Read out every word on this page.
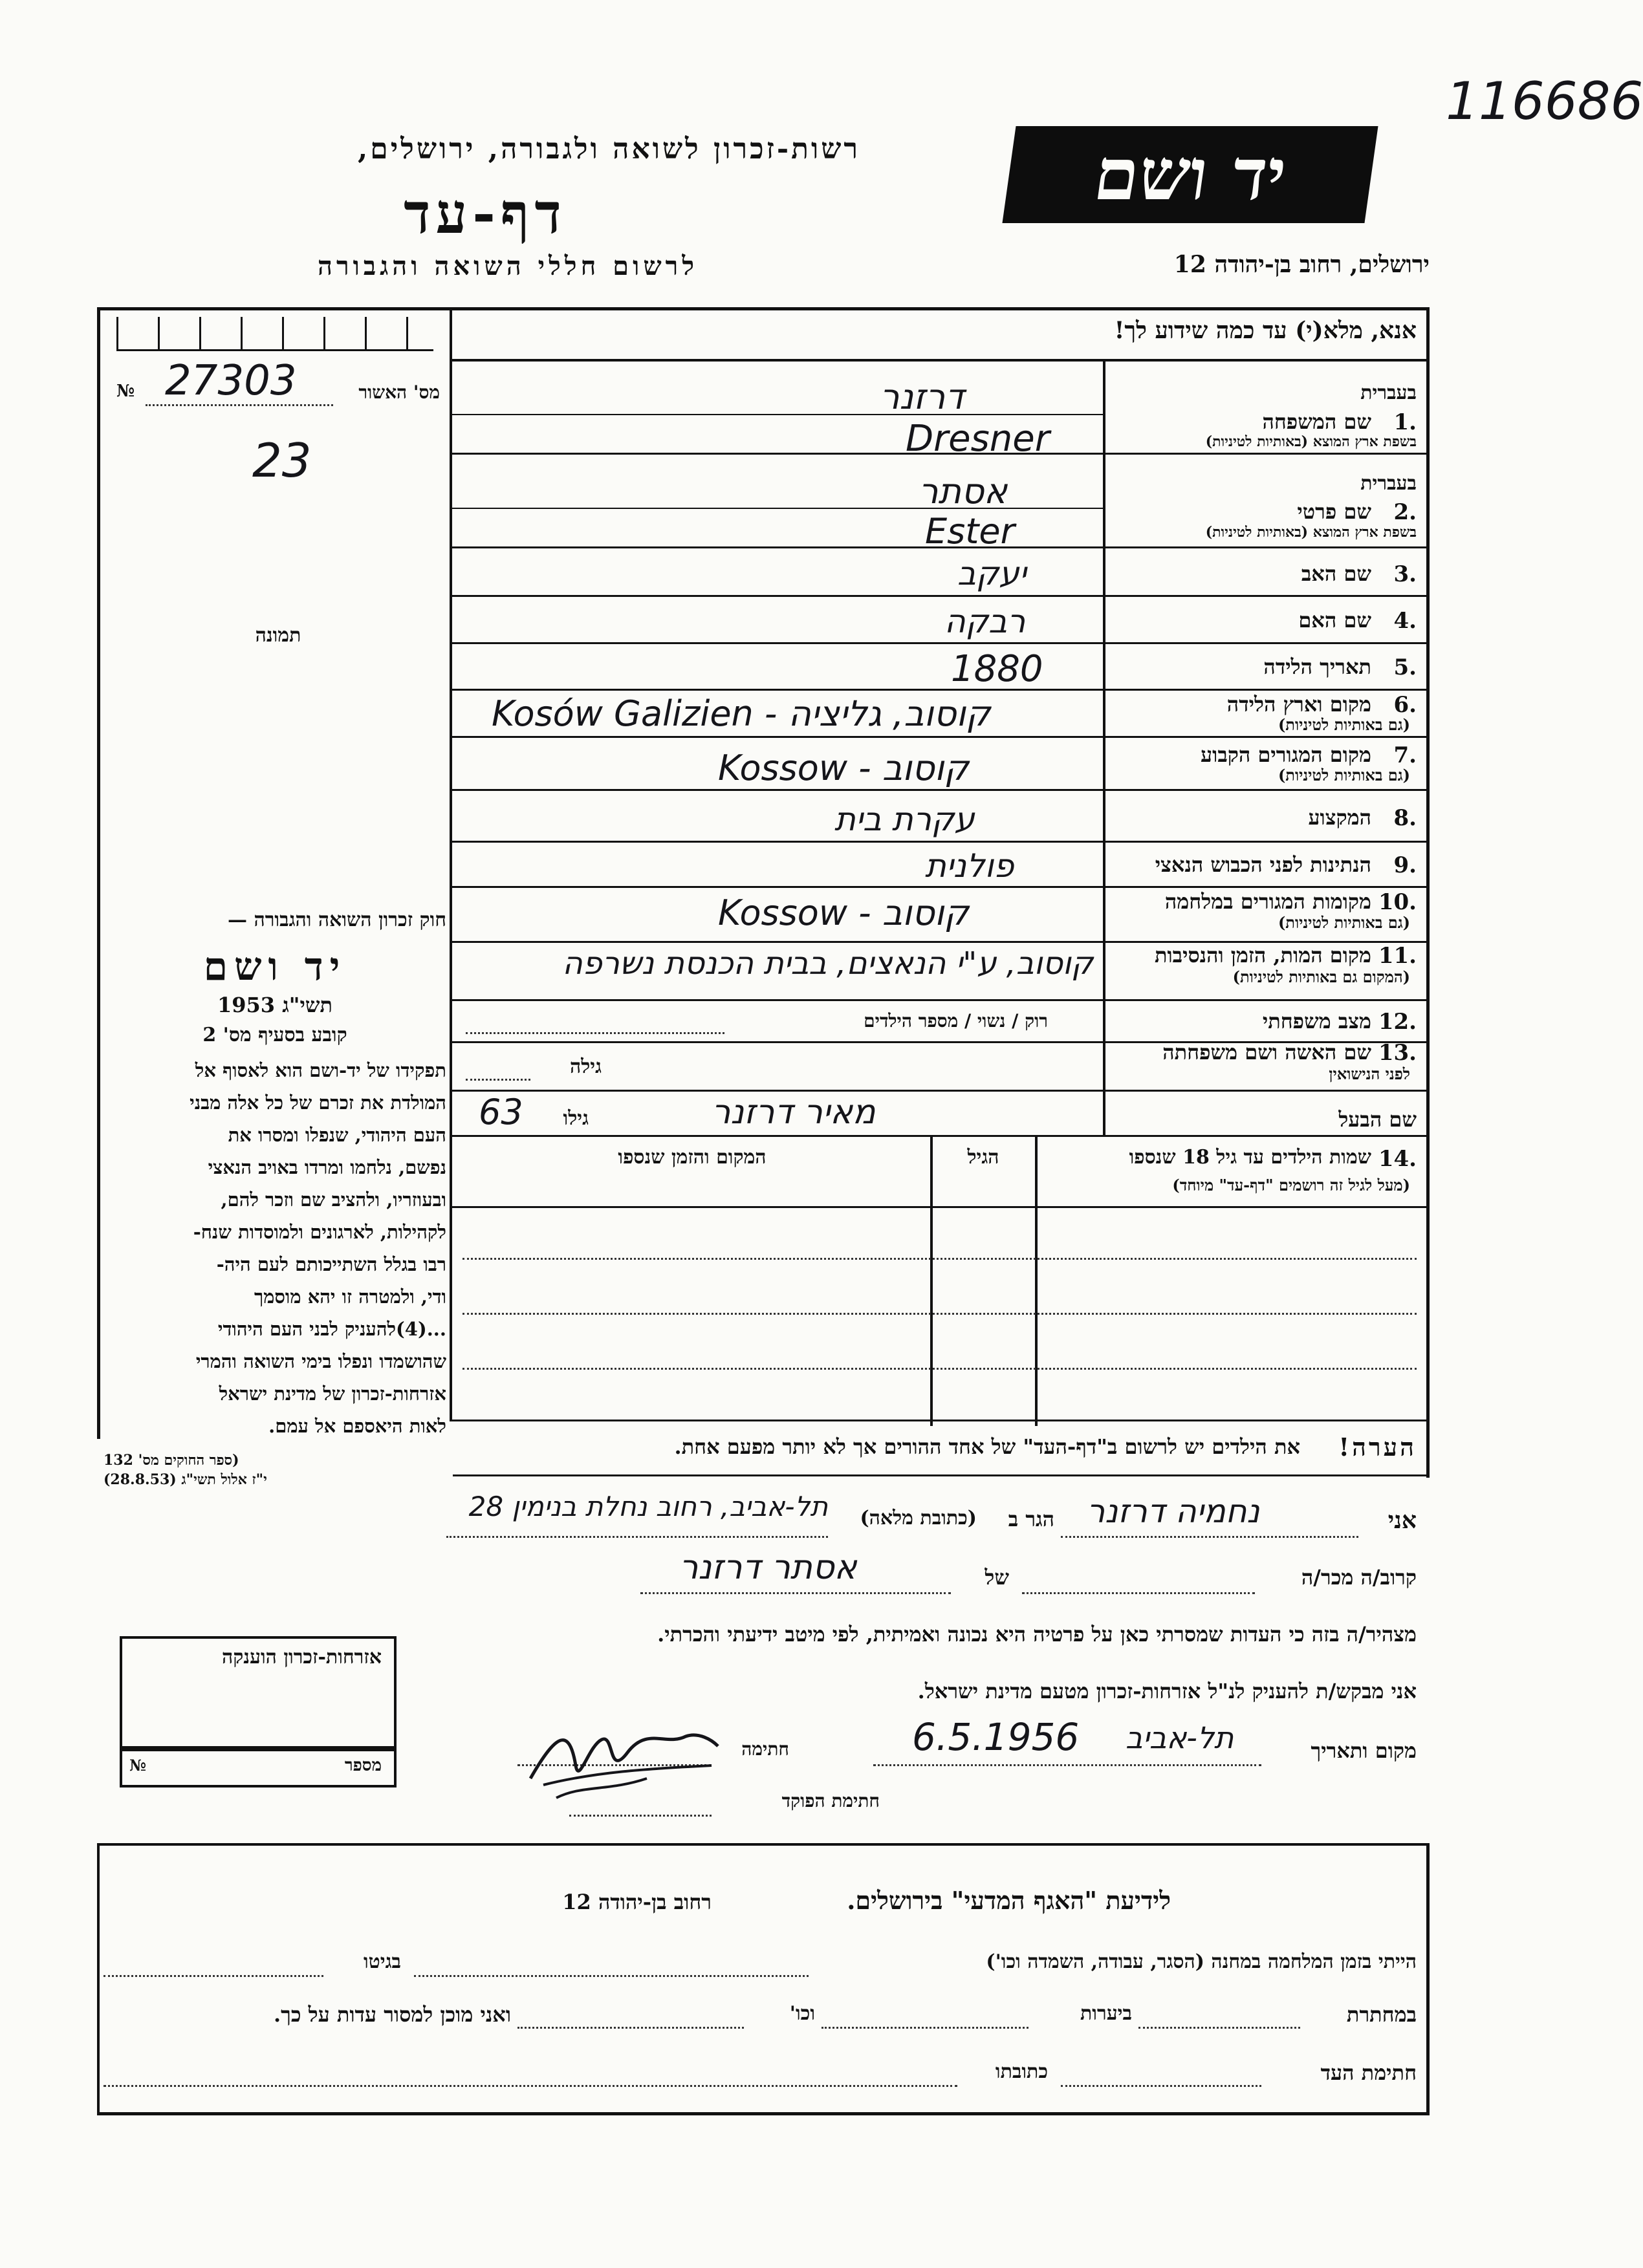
116686
יד ושם
רשות-זכרון לשואה ולגבורה, ירושלים,
דף-עד
לרשום חללי השואה והגבורה	ירושלים, רחוב בן-יהודה 12
אנא, מלא(י) עד כמה שידוע לך!
מס' האשור
№ 27303
23
תמונה
בעברית
1.
שם המשפחה
בשפת ארץ המוצא (באותיות לטיניות)
דרזנר
Dresner
בעברית
2.
שם פרטי
בשפת ארץ המוצא (באותיות לטיניות)
אסתר
Ester
3.
שם האב
יעקב
4.
שם האם
רבקה
5.
תאריך הלידה
1880
6.
מקום וארץ הלידה
(גם באותיות לטיניות)
Kosów Galizien - קוסוב, גליציה
7.
מקום המגורים הקבוע
(גם באותיות לטיניות)
Kossow - קוסוב
8.
המקצוע
עקרת בית
9.
הנתינות לפני הכבוש הנאצי
פולנית
10.
מקומות המגורים במלחמה
(גם באותיות לטיניות)
Kossow - קוסוב
11.
מקום המות, הזמן והנסיבות
(המקום גם באותיות לטיניות)
קוסוב, ע"י הנאצים, בבית הכנסת נשרפה
12.
מצב משפחתי
רוק / נשוי / מספר הילדים
13.
שם האשה ושם משפחתה
לפני הנישואין
גילה
שם הבעל
מאיר דרזנר
גילו
63
14.
שמות הילדים עד גיל 18 שנספו
(מעל לגיל זה רושמים "דף-עד" מיוחד)
הגיל
המקום והזמן שנספו
הערה!
את הילדים יש לרשום ב"דף-העד" של אחד ההורים אך לא יותר מפעם אחת.
חוק זכרון השואה והגבורה —
יד ושם
תשי"ג 1953
קובע בסעיף מס' 2
תפקידו של יד-ושם הוא לאסוף אל
המולדת את זכרם של כל אלה מבני
העם היהודי, שנפלו ומסרו את
נפשם, נלחמו ומרדו באויב הנאצי
ובעוזריו, ולהציב שם וזכר להם,
לקהילות, לארגונים ולמוסדות שנח-
רבו בגלל השתייכותם לעם היה-
ודי, ולמטרה זו יהא מוסמך
...(4)להעניק לבני העם היהודי
שהושמדו ונפלו בימי השואה והמרי
אזרחות-זכרון של מדינת ישראל
לאות היאספם אל עמם.
(ספר החוקים מס' 132
י"ז אלול תשי"ג (28.8.53)
אני
נחמיה דרזנר
הגר ב
(כתובת מלאה)
תל-אביב, רחוב נחלת בנימין 28
קרוב/ה מכר/ה
של
אסתר דרזנר
מצהיר/ה בזה כי העדות שמסרתי כאן על פרטיה היא נכונה ואמיתית, לפי מיטב ידיעתי והכרתי.
אני מבקש/ת להעניק לנ"ל אזרחות-זכרון מטעם מדינת ישראל.
מקום ותאריך
תל-אביב
6.5.1956
חתימה
חתימת הפוקד
אזרחות-זכרון הוענקה
מספר
№
לידיעת "האגף המדעי" בירושלים.
רחוב בן-יהודה 12
הייתי בזמן המלחמה במחנה (הסגר, עבודה, השמדה וכו')
בגיטו
במחתרת
ביערות
וכו'
ואני מוכן למסור עדות על כך.
חתימת העד
כתובתו
